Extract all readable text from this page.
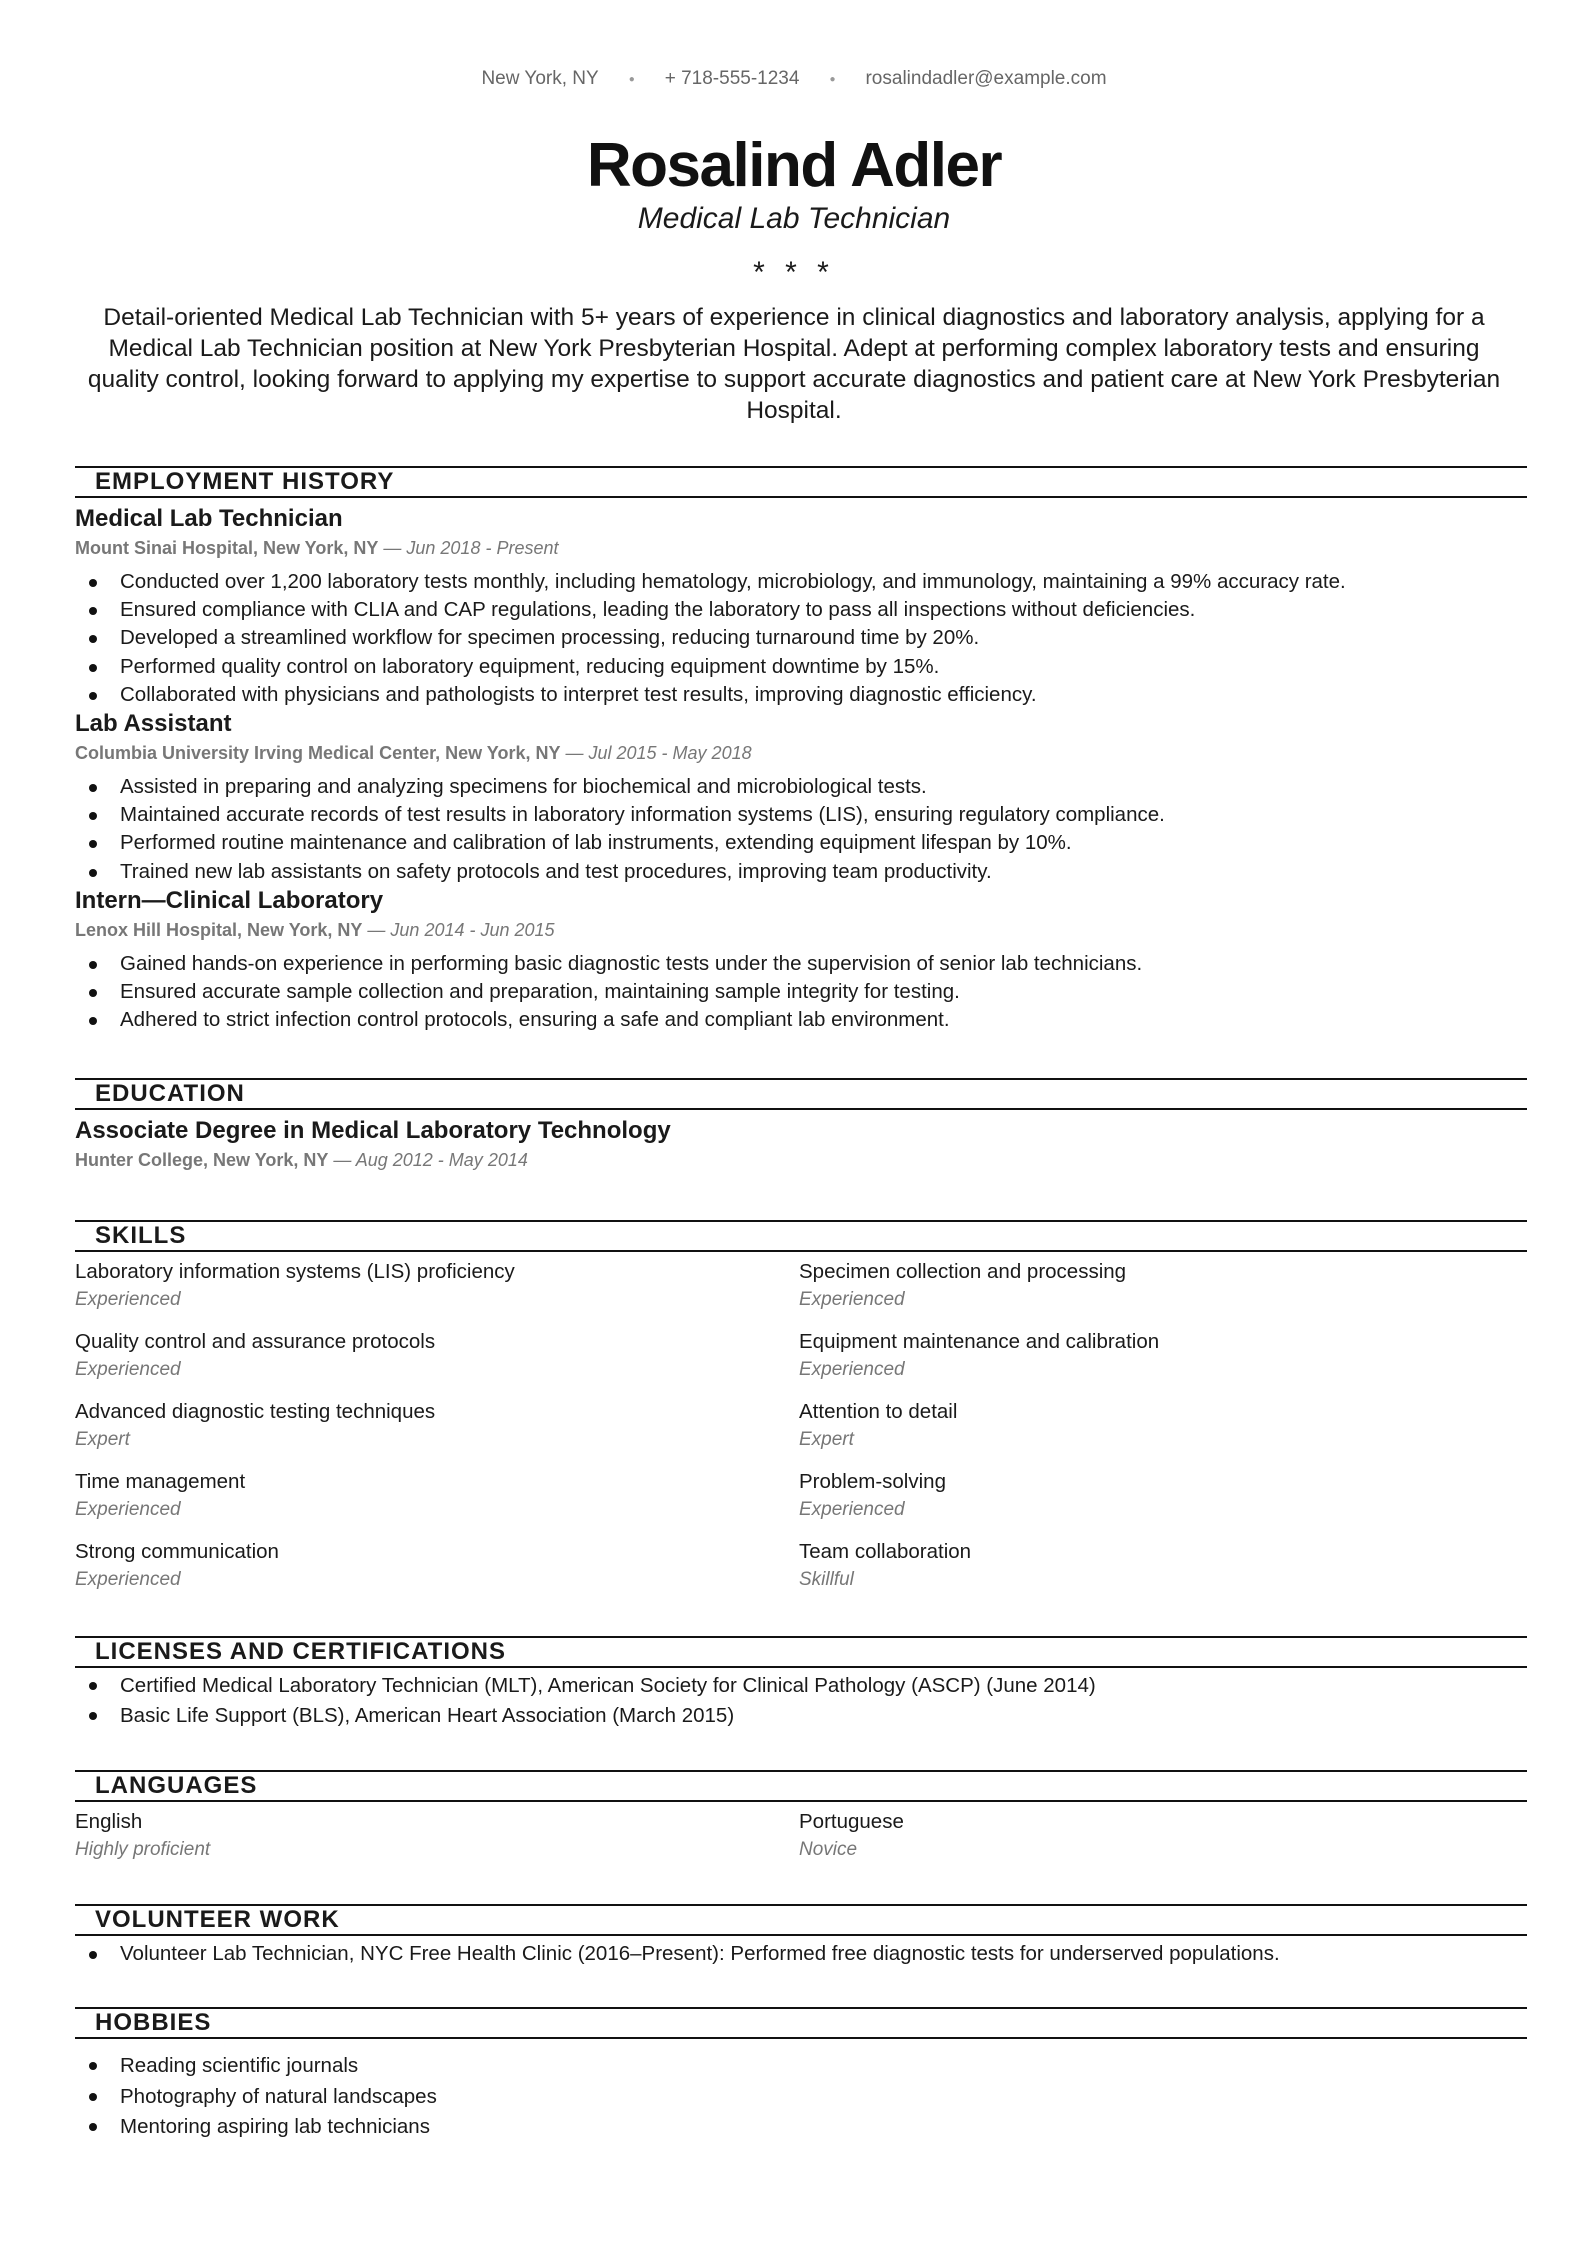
New York, NY	● + 718-555-1234	● rosalindadler@example.com
Rosalind Adler
Medical Lab Technician
* * *
Detail-oriented Medical Lab Technician with 5+ years of experience in clinical diagnostics and laboratory analysis, applying for a Medical Lab Technician position at New York Presbyterian Hospital. Adept at performing complex laboratory tests and ensuring quality control, looking forward to applying my expertise to support accurate diagnostics and patient care at New York Presbyterian Hospital.
EMPLOYMENT HISTORY
Medical Lab Technician
Mount Sinai Hospital, New York, NY — Jun 2018 - Present
Conducted over 1,200 laboratory tests monthly, including hematology, microbiology, and immunology, maintaining a 99% accuracy rate.
Ensured compliance with CLIA and CAP regulations, leading the laboratory to pass all inspections without deficiencies.
Developed a streamlined workflow for specimen processing, reducing turnaround time by 20%.
Performed quality control on laboratory equipment, reducing equipment downtime by 15%.
Collaborated with physicians and pathologists to interpret test results, improving diagnostic efficiency.
Lab Assistant
Columbia University Irving Medical Center, New York, NY — Jul 2015 - May 2018
Assisted in preparing and analyzing specimens for biochemical and microbiological tests.
Maintained accurate records of test results in laboratory information systems (LIS), ensuring regulatory compliance.
Performed routine maintenance and calibration of lab instruments, extending equipment lifespan by 10%.
Trained new lab assistants on safety protocols and test procedures, improving team productivity.
Intern—Clinical Laboratory
Lenox Hill Hospital, New York, NY — Jun 2014 - Jun 2015
Gained hands-on experience in performing basic diagnostic tests under the supervision of senior lab technicians.
Ensured accurate sample collection and preparation, maintaining sample integrity for testing.
Adhered to strict infection control protocols, ensuring a safe and compliant lab environment.
EDUCATION
Associate Degree in Medical Laboratory Technology
Hunter College, New York, NY — Aug 2012 - May 2014
SKILLS
Laboratory information systems (LIS) proficiency
Experienced
Specimen collection and processing
Experienced
Quality control and assurance protocols
Experienced
Equipment maintenance and calibration
Experienced
Advanced diagnostic testing techniques
Expert
Attention to detail
Expert
Time management
Experienced
Problem-solving
Experienced
Strong communication
Experienced
Team collaboration
Skillful
LICENSES AND CERTIFICATIONS
Certified Medical Laboratory Technician (MLT), American Society for Clinical Pathology (ASCP) (June 2014)
Basic Life Support (BLS), American Heart Association (March 2015)
LANGUAGES
English
Highly proficient
Portuguese
Novice
VOLUNTEER WORK
Volunteer Lab Technician, NYC Free Health Clinic (2016–Present): Performed free diagnostic tests for underserved populations.
HOBBIES
Reading scientific journals
Photography of natural landscapes
Mentoring aspiring lab technicians
